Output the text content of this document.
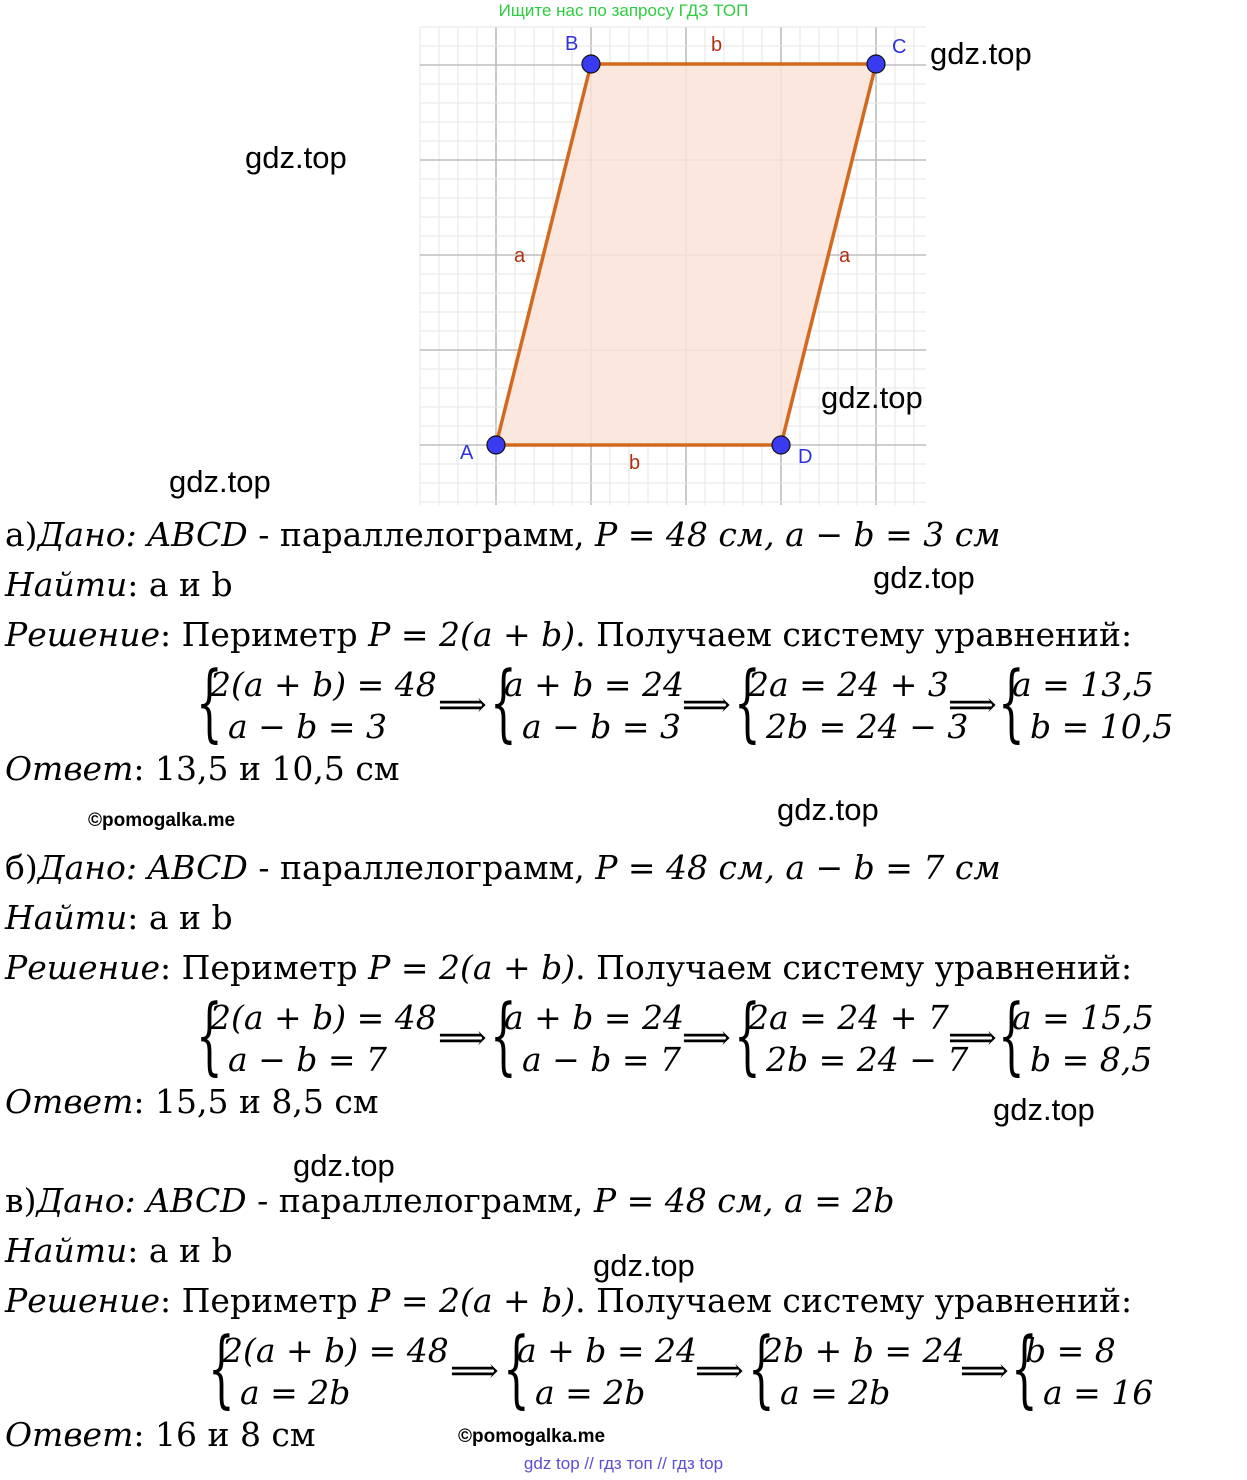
Ищите нас по запросу ГДЗ ТОП
A
B	C
D
b
b
a	a
gdz.top
gdz.top
gdz.top
gdz.top
gdz.top
gdz.top
gdz.top
gdz.top
gdz.top
©pomogalka.me
©pomogalka.me
а)Дано: ABCD - параллелограмм, P = 48 см, a − b = 3 см
Найти: a и b
Решение: Периметр P = 2(a + b). Получаем систему уравнений:
{
2(a + b) = 48
a − b = 3 {
a + b = 24
a − b = 3 {
2a = 24 + 3
2b = 24 − 3 {
a = 13,5
b = 10,5
⟹	⟹	⟹
Ответ: 13,5 и 10,5 см
б)Дано: ABCD - параллелограмм, P = 48 см, a − b = 7 см
Найти: a и b
Решение: Периметр P = 2(a + b). Получаем систему уравнений:
{
2(a + b) = 48
a − b = 7 {
a + b = 24
a − b = 7 {
2a = 24 + 7
2b = 24 − 7 {
a = 15,5
b = 8,5
⟹	⟹	⟹
Ответ: 15,5 и 8,5 см
в)Дано: ABCD - параллелограмм, P = 48 см, a = 2b
Найти: a и b
Решение: Периметр P = 2(a + b). Получаем систему уравнений:
{
2(a + b) = 48
a = 2b {
a + b = 24
a = 2b {
2b + b = 24
a = 2b {
b = 8
a = 16
⟹	⟹	⟹
Ответ: 16 и 8 см
gdz top // гдз топ // гдз top
